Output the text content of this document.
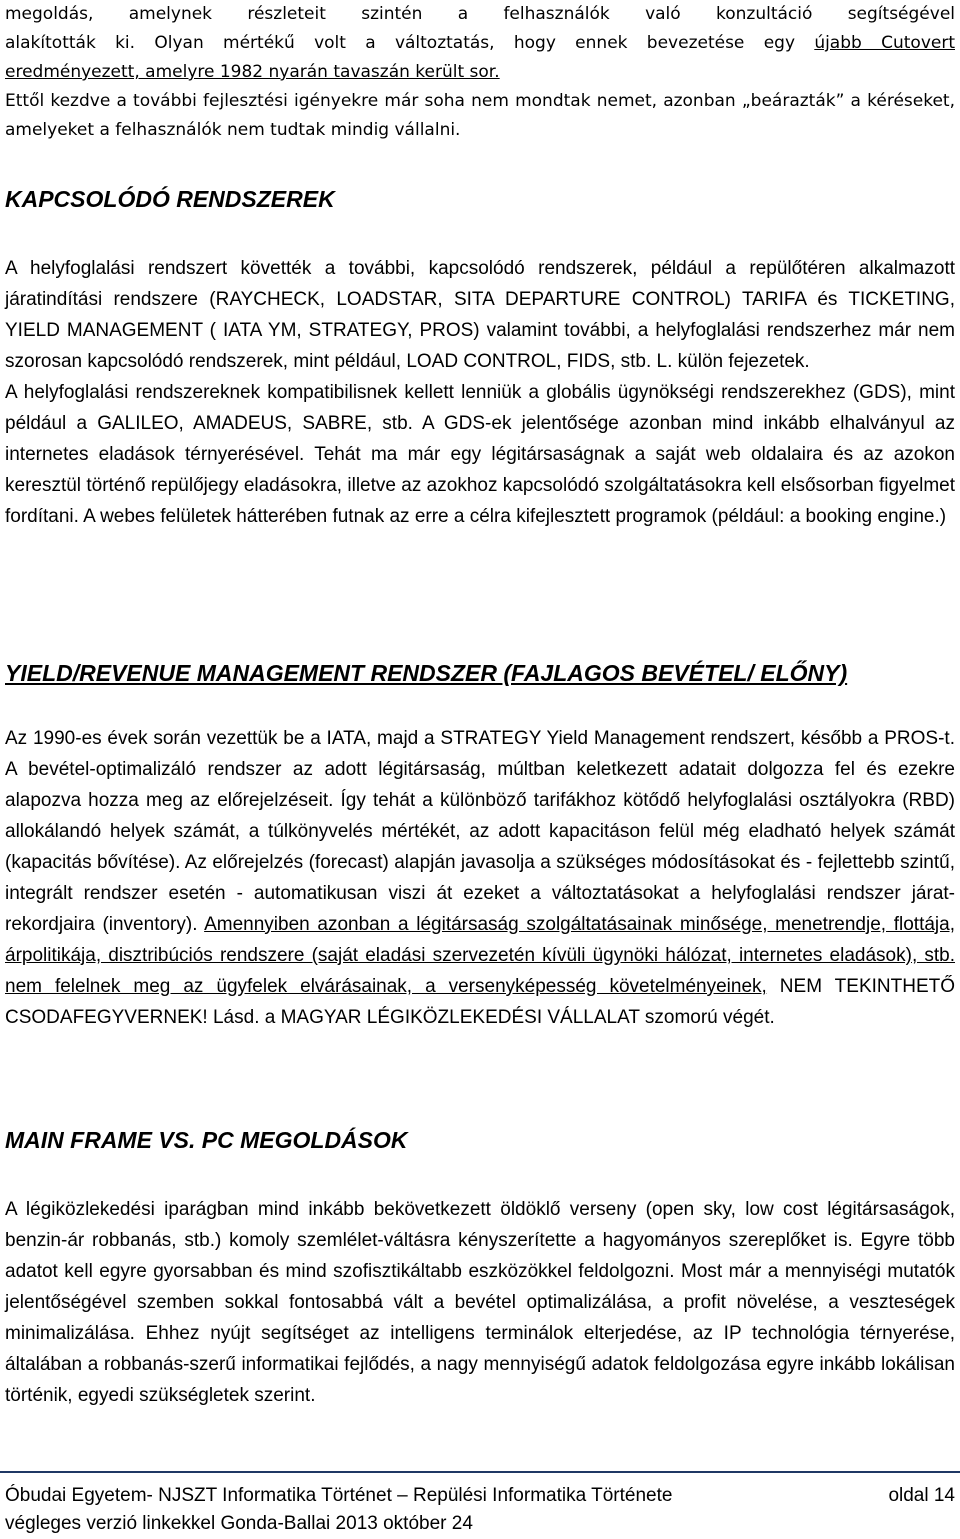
megoldás, amelynek részleteit szintén a felhasználók való konzultáció segítségével

alakították ki. Olyan mértékű volt a változtatás, hogy ennek bevezetése egy újabb Cutovert

eredményezett, amelyre 1982 nyarán tavaszán került sor.

Ettől kezdve a további fejlesztési igényekre már soha nem mondtak nemet, azonban „beárazták” a kéréseket, amelyeket a felhasználók nem tudtak mindig vállalni.

KAPCSOLÓDÓ RENDSZEREK

A helyfoglalási rendszert követték a további, kapcsolódó rendszerek, például a repülőtéren alkalmazott járatindítási rendszere (RAYCHECK, LOADSTAR, SITA DEPARTURE CONTROL) TARIFA és TICKETING, YIELD MANAGEMENT ( IATA YM, STRATEGY, PROS) valamint további, a helyfoglalási rendszerhez már nem szorosan kapcsolódó rendszerek, mint például, LOAD CONTROL, FIDS, stb. L. külön fejezetek.

A helyfoglalási rendszereknek kompatibilisnek kellett lenniük a globális ügynökségi rendszerekhez (GDS), mint például a GALILEO, AMADEUS, SABRE, stb. A GDS-ek jelentősége azonban mind inkább elhalványul az internetes eladások térnyerésével. Tehát ma már egy légitársaságnak a saját web oldalaira és az azokon keresztül történő repülőjegy eladásokra, illetve az azokhoz kapcsolódó szolgáltatásokra kell elsősorban figyelmet fordítani. A webes felületek hátterében futnak az erre a célra kifejlesztett programok (például: a booking engine.)

YIELD/REVENUE MANAGEMENT RENDSZER (FAJLAGOS BEVÉTEL/ ELŐNY)

Az 1990-es évek során vezettük be a IATA, majd a STRATEGY Yield Management rendszert, később a PROS-t. A bevétel-optimalizáló rendszer az adott légitársaság, múltban keletkezett adatait dolgozza fel és ezekre alapozva hozza meg az előrejelzéseit. Így tehát a különböző tarifákhoz kötődő helyfoglalási osztályokra (RBD) allokálandó helyek számát, a túlkönyvelés mértékét, az adott kapacitáson felül még eladható helyek számát (kapacitás bővítése). Az előrejelzés (forecast) alapján javasolja a szükséges módosításokat és - fejlettebb szintű, integrált rendszer esetén - automatikusan viszi át ezeket a változtatásokat a helyfoglalási rendszer járat-rekordjaira (inventory). Amennyiben azonban a légitársaság szolgáltatásainak minősége, menetrendje, flottája, árpolitikája, disztribúciós rendszere (saját eladási szervezetén kívüli ügynöki hálózat, internetes eladások), stb. nem felelnek meg az ügyfelek elvárásainak, a versenyképesség követelményeinek, NEM TEKINTHETŐ CSODAFEGYVERNEK! Lásd. a MAGYAR LÉGIKÖZLEKEDÉSI VÁLLALAT szomorú végét.

MAIN FRAME VS. PC MEGOLDÁSOK

A légiközlekedési iparágban mind inkább bekövetkezett öldöklő verseny (open sky, low cost légitársaságok, benzin-ár robbanás, stb.) komoly szemlélet-váltásra kényszerítette a hagyományos szereplőket is. Egyre több adatot kell egyre gyorsabban és mind szofisztikáltabb eszközökkel feldolgozni. Most már a mennyiségi mutatók jelentőségével szemben sokkal fontosabbá vált a bevétel optimalizálása, a profit növelése, a veszteségek minimalizálása. Ehhez nyújt segítséget az intelligens terminálok elterjedése, az IP technológia térnyerése, általában a robbanás-szerű informatikai fejlődés, a nagy mennyiségű adatok feldolgozása egyre inkább lokálisan történik, egyedi szükségletek szerint.

Óbudai Egyetem- NJSZT Informatika Történet – Repülési Informatika Története	oldal 14
végleges verzió linkekkel Gonda-Ballai 2013 október 24
